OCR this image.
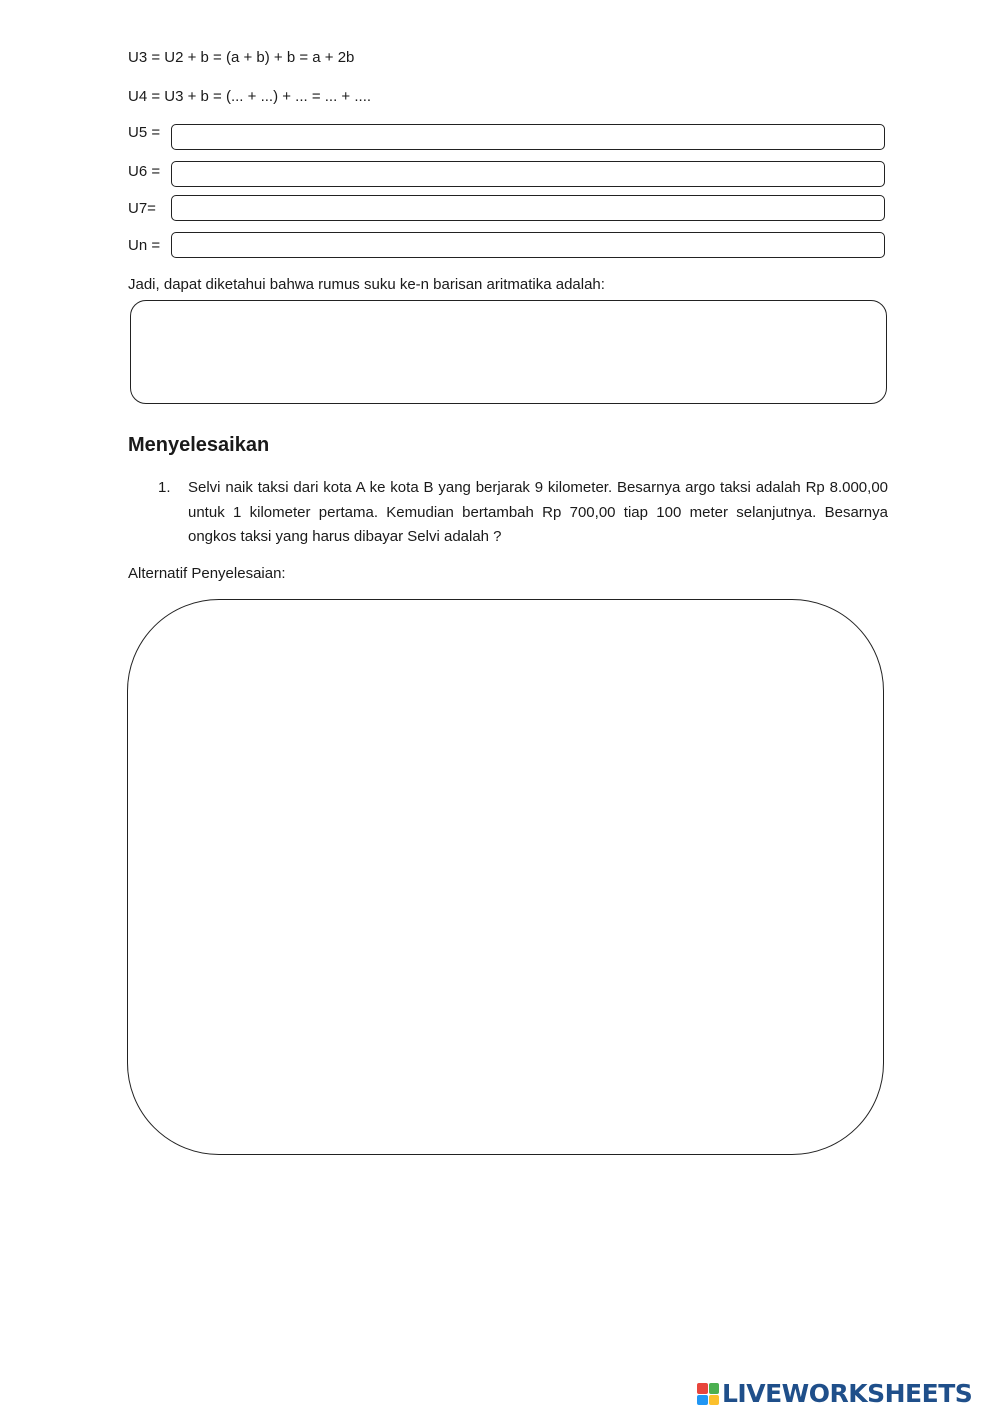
U3 = U2 + b = (a + b) + b = a + 2b
U4 = U3 + b = (... + ...) + ... = ... + ....
U5 =
U6 =
U7=
Un =
Jadi, dapat diketahui bahwa rumus suku ke-n barisan aritmatika adalah:
Menyelesaikan
1. Selvi naik taksi dari kota A ke kota B yang berjarak 9 kilometer. Besarnya argo taksi adalah Rp 8.000,00 untuk 1 kilometer pertama. Kemudian bertambah Rp 700,00 tiap 100 meter selanjutnya. Besarnya ongkos taksi yang harus dibayar Selvi adalah ?
Alternatif Penyelesaian:
LIVEWORKSHEETS
